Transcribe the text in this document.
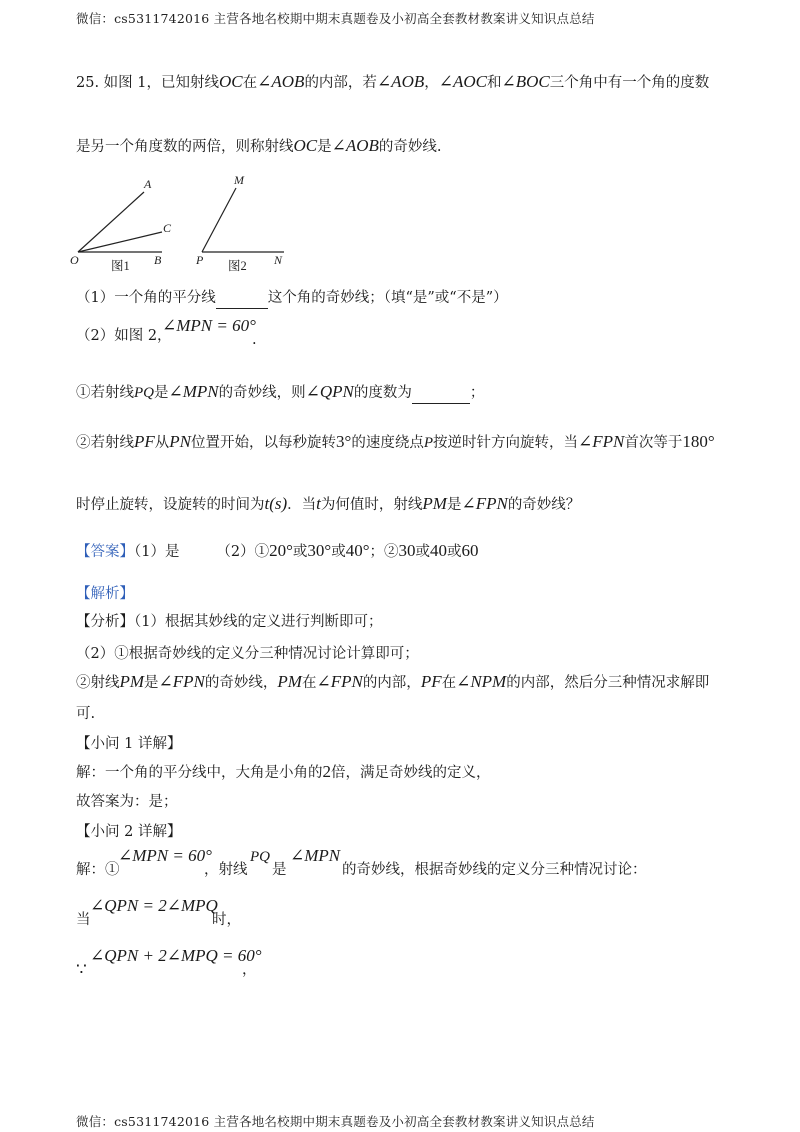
微信：cs5311742016 主营各地名校期中期末真题卷及小初高全套教材教案讲义知识点总结
25. 如图 1，已知射线OC在∠AOB的内部，若∠AOB，∠AOC和∠BOC三个角中有一个角的度数
是另一个角度数的两倍，则称射线OC是∠AOB的奇妙线.
A
C
O	B
图1
M
P	N
图2
（1）一个角的平分线	这个角的奇妙线；（填“是”或“不是”）
（2）如图 2，
∠MPN = 60°
.
①若射线PQ是∠MPN的奇妙线，则∠QPN的度数为	；
②若射线PF从PN位置开始，以每秒旋转3°的速度绕点P按逆时针方向旋转，当∠FPN首次等于180°
时停止旋转，设旋转的时间为t(s)．当t为何值时，射线PM是∠FPN的奇妙线？
【答案】（1）是	（2）①20°或30°或40°；②30或40或60
【解析】
【分析】（1）根据其妙线的定义进行判断即可；
（2）①根据奇妙线的定义分三种情况讨论计算即可；
②射线PM是∠FPN的奇妙线，PM在∠FPN的内部，PF在∠NPM的内部，然后分三种情况求解即
可.
【小问 1 详解】
解：一个角的平分线中，大角是小角的2倍，满足奇妙线的定义，
故答案为：是；
【小问 2 详解】
解：①
∠MPN = 60°
，射线
PQ
是
∠MPN
的奇妙线，根据奇妙线的定义分三种情况讨论：
当
∠QPN = 2∠MPQ
时，
∵
∠QPN + 2∠MPQ = 60°
，
微信：cs5311742016 主营各地名校期中期末真题卷及小初高全套教材教案讲义知识点总结
